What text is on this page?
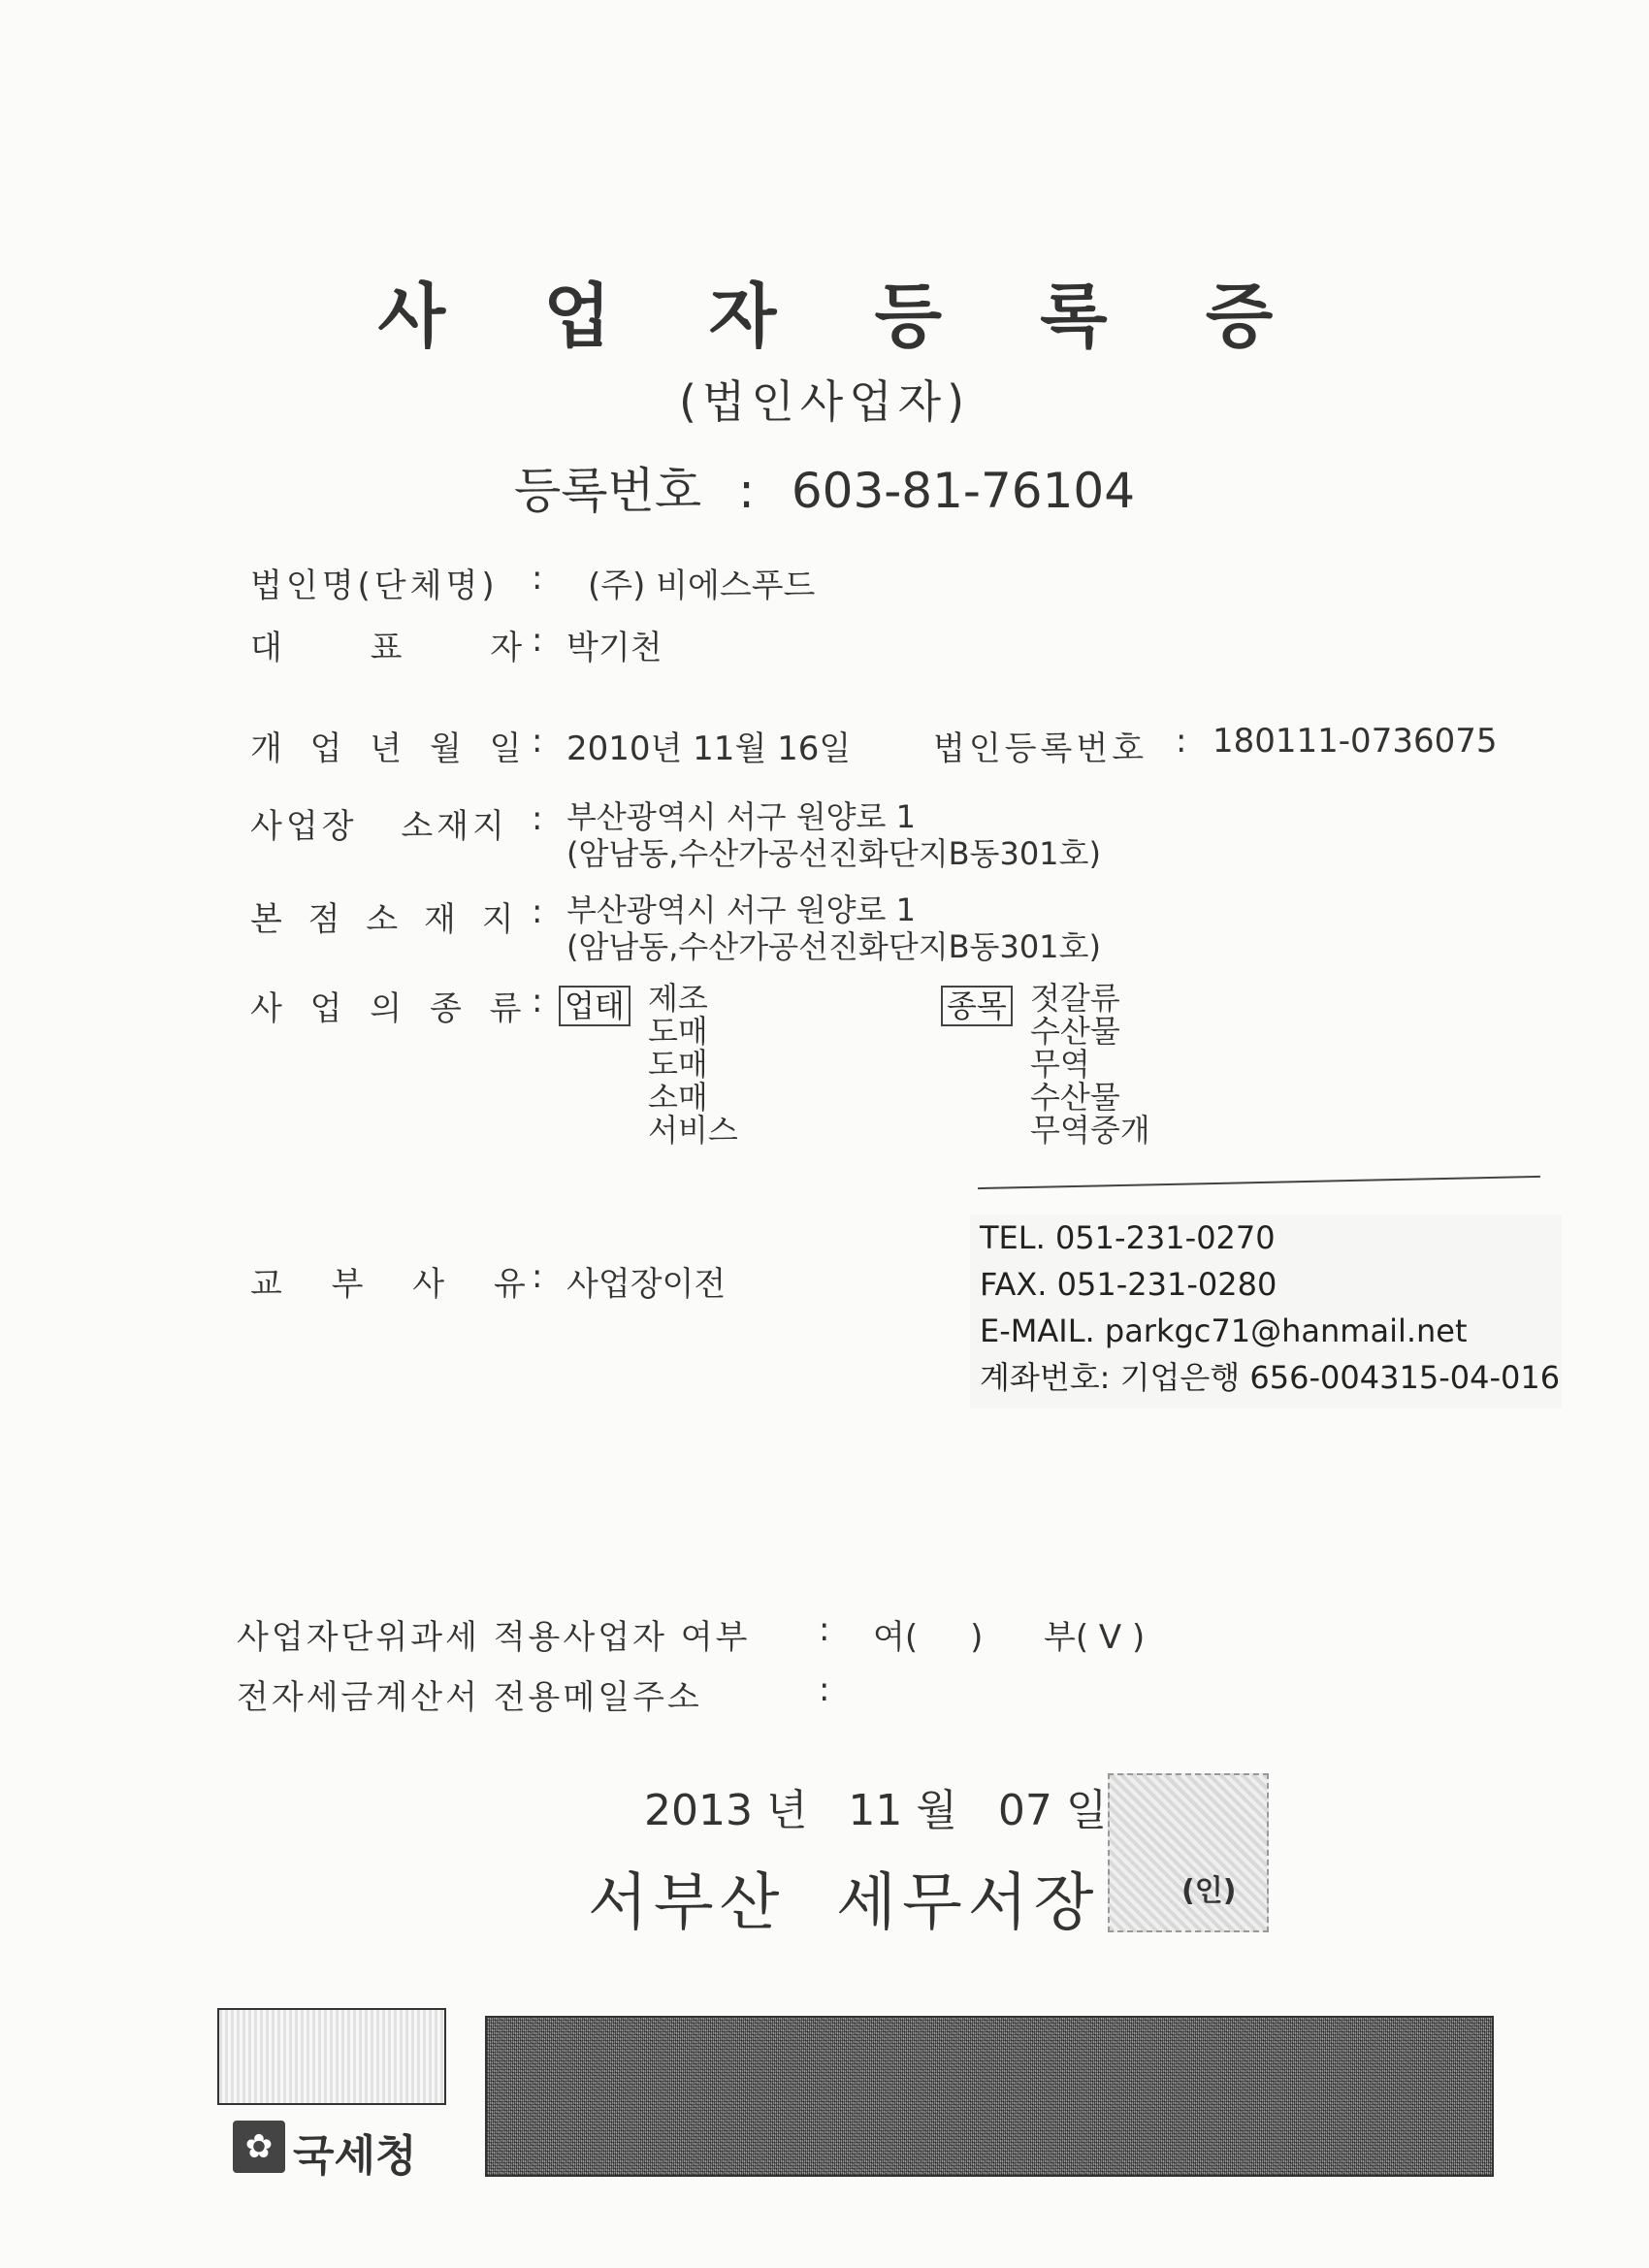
사 업 자 등 록 증
(법인사업자)
등록번호 : 603-81-76104
법인명(단체명) : (주) 비에스푸드
대 표 자 : 박기천
개 업 년 월 일 : 2010년 11월 16일 법인등록번호 : 180111-0736075
사업장 소재지 : 부산광역시 서구 원양로 1
(암남동,수산가공선진화단지B동301호)
본 점 소 재 지 : 부산광역시 서구 원양로 1
(암남동,수산가공선진화단지B동301호)
사 업 의 종 류 : 업태 제조
도매
도매
소매
서비스
종목 젓갈류
수산물
무역
수산물
무역중개
교 부 사 유 : 사업장이전
TEL. 051-231-0270
FAX. 051-231-0280
E-MAIL. parkgc71@hanmail.net
계좌번호: 기업은행 656-004315-04-016
사업자단위과세 적용사업자 여부 : 여(     ) 부( V )
전자세금계산서 전용메일주소	:
2013 년   11 월   07 일
서부산  세무서장	(인)
✿ 국세청
